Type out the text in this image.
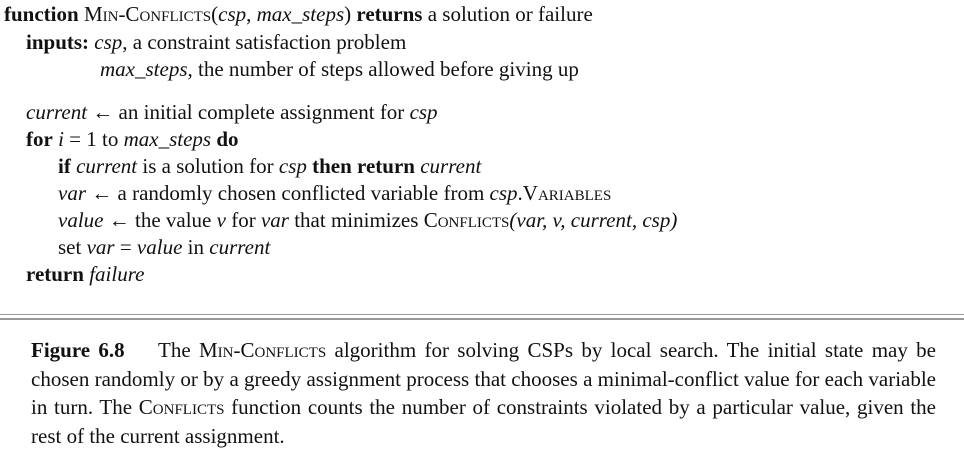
function Min-Conflicts(csp, max_steps) returns a solution or failure
inputs: csp, a constraint satisfaction problem
max_steps, the number of steps allowed before giving up
current ← an initial complete assignment for csp
for i = 1 to max_steps do
if current is a solution for csp then return current
var ← a randomly chosen conflicted variable from csp.Variables
value ← the value v for var that minimizes Conflicts(var, v, current, csp)
set var = value in current
return failure

Figure 6.8 The Min-Conflicts algorithm for solving CSPs by local search. The initial state may be chosen randomly or by a greedy assignment process that chooses a minimal-conflict value for each variable in turn. The Conflicts function counts the number of constraints violated by a particular value, given the rest of the current assignment.
